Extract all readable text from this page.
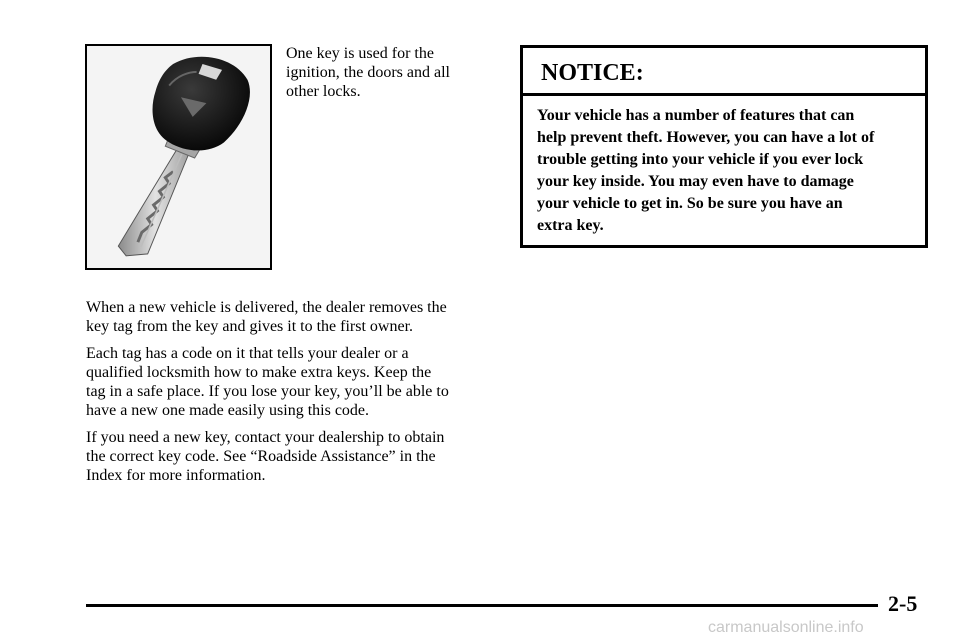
One key is used for the
ignition, the doors and all
other locks.

When a new vehicle is delivered, the dealer removes the
key tag from the key and gives it to the first owner.

Each tag has a code on it that tells your dealer or a
qualified locksmith how to make extra keys. Keep the
tag in a safe place. If you lose your key, you’ll be able to
have a new one made easily using this code.

If you need a new key, contact your dealership to obtain
the correct key code. See “Roadside Assistance” in the
Index for more information.

NOTICE:
Your vehicle has a number of features that can
help prevent theft. However, you can have a lot of
trouble getting into your vehicle if you ever lock
your key inside. You may even have to damage
your vehicle to get in. So be sure you have an
extra key.
2-5
carmanualsonline.info
